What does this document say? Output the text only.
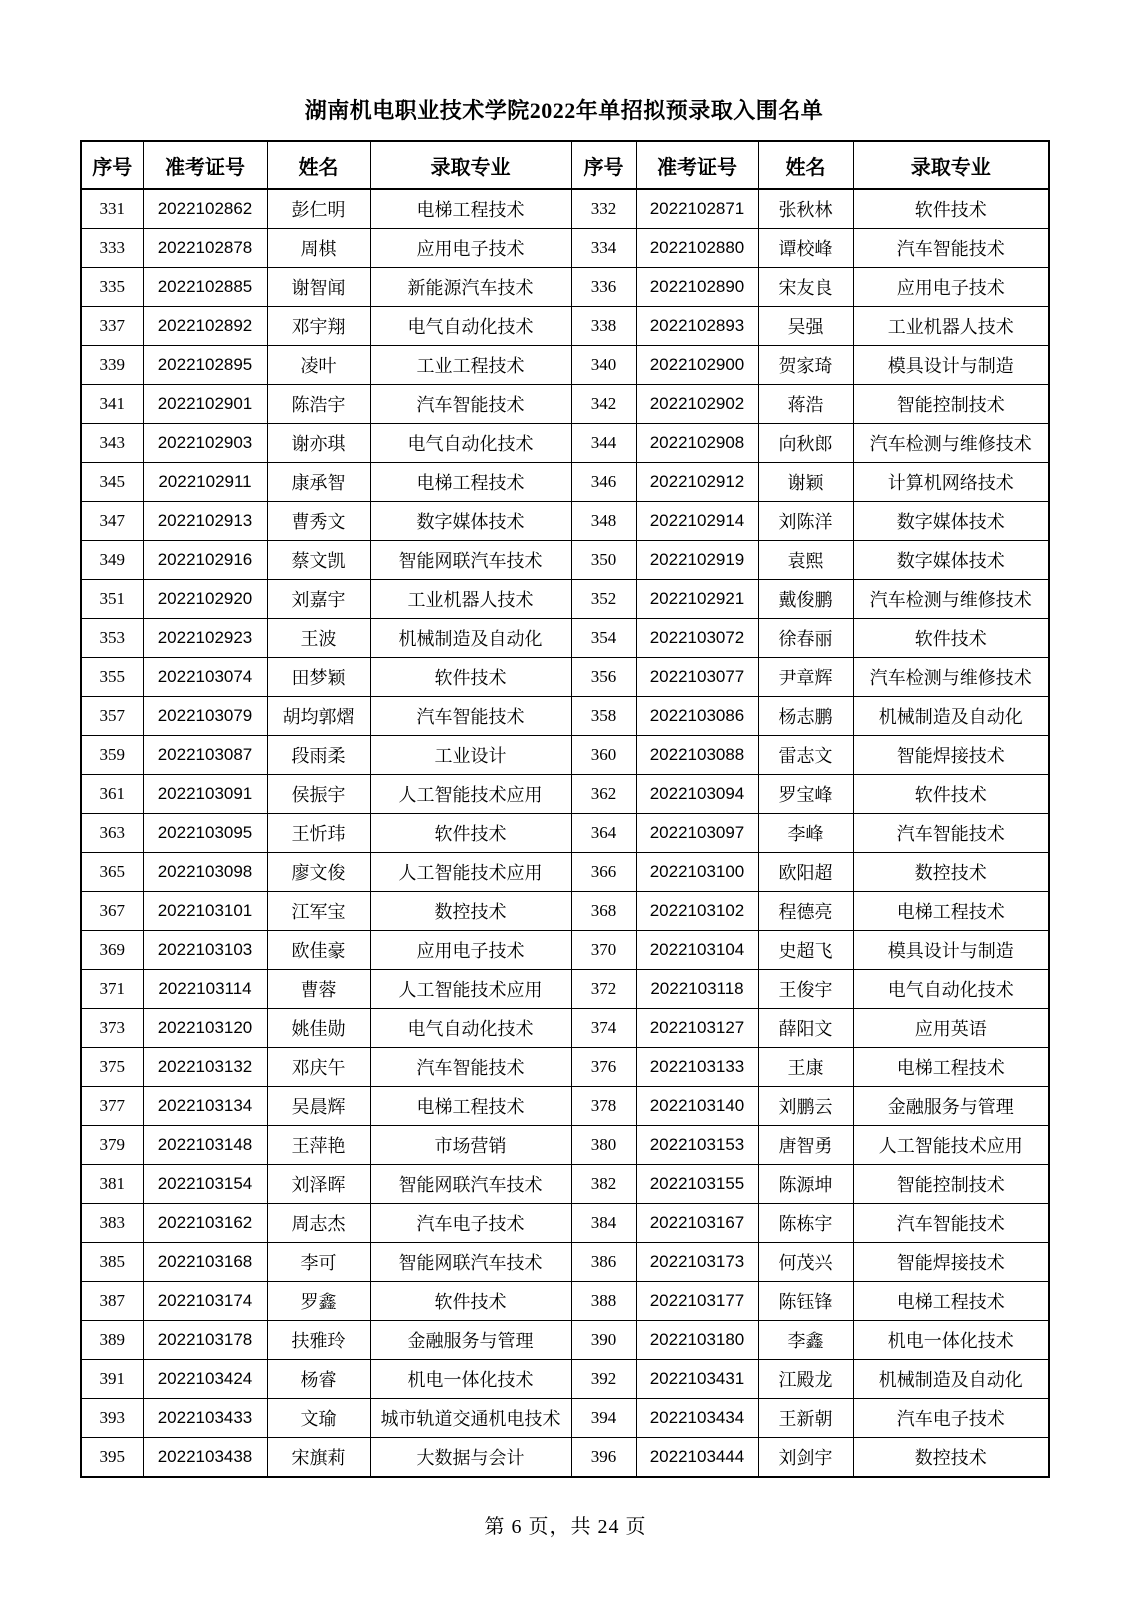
湖南机电职业技术学院2022年单招拟预录取入围名单
序号	准考证号	姓名	录取专业	序号	准考证号	姓名	录取专业
331	2022102862	彭仁明	电梯工程技术	332	2022102871	张秋林	软件技术
333	2022102878	周棋	应用电子技术	334	2022102880	谭校峰	汽车智能技术
335	2022102885	谢智闻	新能源汽车技术	336	2022102890	宋友良	应用电子技术
337	2022102892	邓宇翔	电气自动化技术	338	2022102893	吴强	工业机器人技术
339	2022102895	凌叶	工业工程技术	340	2022102900	贺家琦	模具设计与制造
341	2022102901	陈浩宇	汽车智能技术	342	2022102902	蒋浩	智能控制技术
343	2022102903	谢亦琪	电气自动化技术	344	2022102908	向秋郎	汽车检测与维修技术
345	2022102911	康承智	电梯工程技术	346	2022102912	谢颖	计算机网络技术
347	2022102913	曹秀文	数字媒体技术	348	2022102914	刘陈洋	数字媒体技术
349	2022102916	蔡文凯	智能网联汽车技术	350	2022102919	袁熙	数字媒体技术
351	2022102920	刘嘉宇	工业机器人技术	352	2022102921	戴俊鹏	汽车检测与维修技术
353	2022102923	王波	机械制造及自动化	354	2022103072	徐春丽	软件技术
355	2022103074	田梦颖	软件技术	356	2022103077	尹章辉	汽车检测与维修技术
357	2022103079	胡均郭熠	汽车智能技术	358	2022103086	杨志鹏	机械制造及自动化
359	2022103087	段雨柔	工业设计	360	2022103088	雷志文	智能焊接技术
361	2022103091	侯振宇	人工智能技术应用	362	2022103094	罗宝峰	软件技术
363	2022103095	王忻玮	软件技术	364	2022103097	李峰	汽车智能技术
365	2022103098	廖文俊	人工智能技术应用	366	2022103100	欧阳超	数控技术
367	2022103101	江军宝	数控技术	368	2022103102	程德亮	电梯工程技术
369	2022103103	欧佳豪	应用电子技术	370	2022103104	史超飞	模具设计与制造
371	2022103114	曹蓉	人工智能技术应用	372	2022103118	王俊宇	电气自动化技术
373	2022103120	姚佳勋	电气自动化技术	374	2022103127	薛阳文	应用英语
375	2022103132	邓庆午	汽车智能技术	376	2022103133	王康	电梯工程技术
377	2022103134	吴晨辉	电梯工程技术	378	2022103140	刘鹏云	金融服务与管理
379	2022103148	王萍艳	市场营销	380	2022103153	唐智勇	人工智能技术应用
381	2022103154	刘泽晖	智能网联汽车技术	382	2022103155	陈源坤	智能控制技术
383	2022103162	周志杰	汽车电子技术	384	2022103167	陈栋宇	汽车智能技术
385	2022103168	李可	智能网联汽车技术	386	2022103173	何茂兴	智能焊接技术
387	2022103174	罗鑫	软件技术	388	2022103177	陈钰锋	电梯工程技术
389	2022103178	扶雅玲	金融服务与管理	390	2022103180	李鑫	机电一体化技术
391	2022103424	杨睿	机电一体化技术	392	2022103431	江殿龙	机械制造及自动化
393	2022103433	文瑜	城市轨道交通机电技术	394	2022103434	王新朝	汽车电子技术
395	2022103438	宋旗莉	大数据与会计	396	2022103444	刘剑宇	数控技术
第 6 页，共 24 页
